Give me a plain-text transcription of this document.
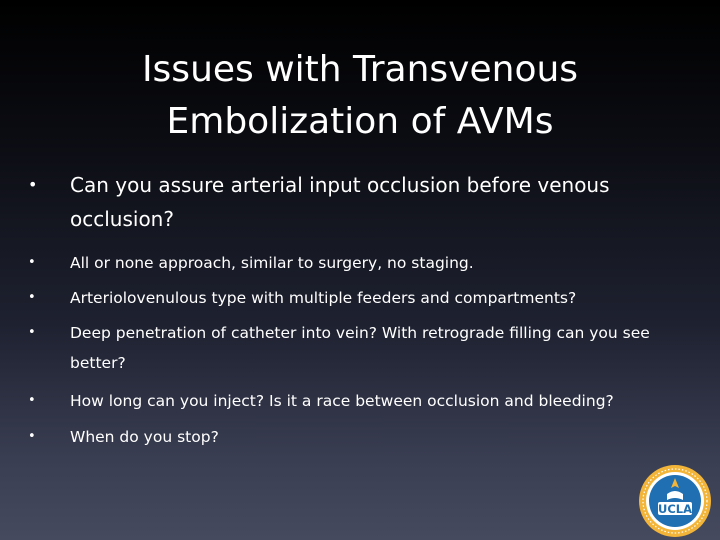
Issues with Transvenous
Embolization of AVMs
•	Can you assure arterial input occlusion before venous occlusion?
•	All or none approach, similar to surgery, no staging.
•	Arteriolovenulous type with multiple feeders and compartments?
•	Deep penetration of catheter into vein? With retrograde filling can you see better?
•	How long can you inject? Is it a race between occlusion and bleeding?
•	When do you stop?
UCLA
